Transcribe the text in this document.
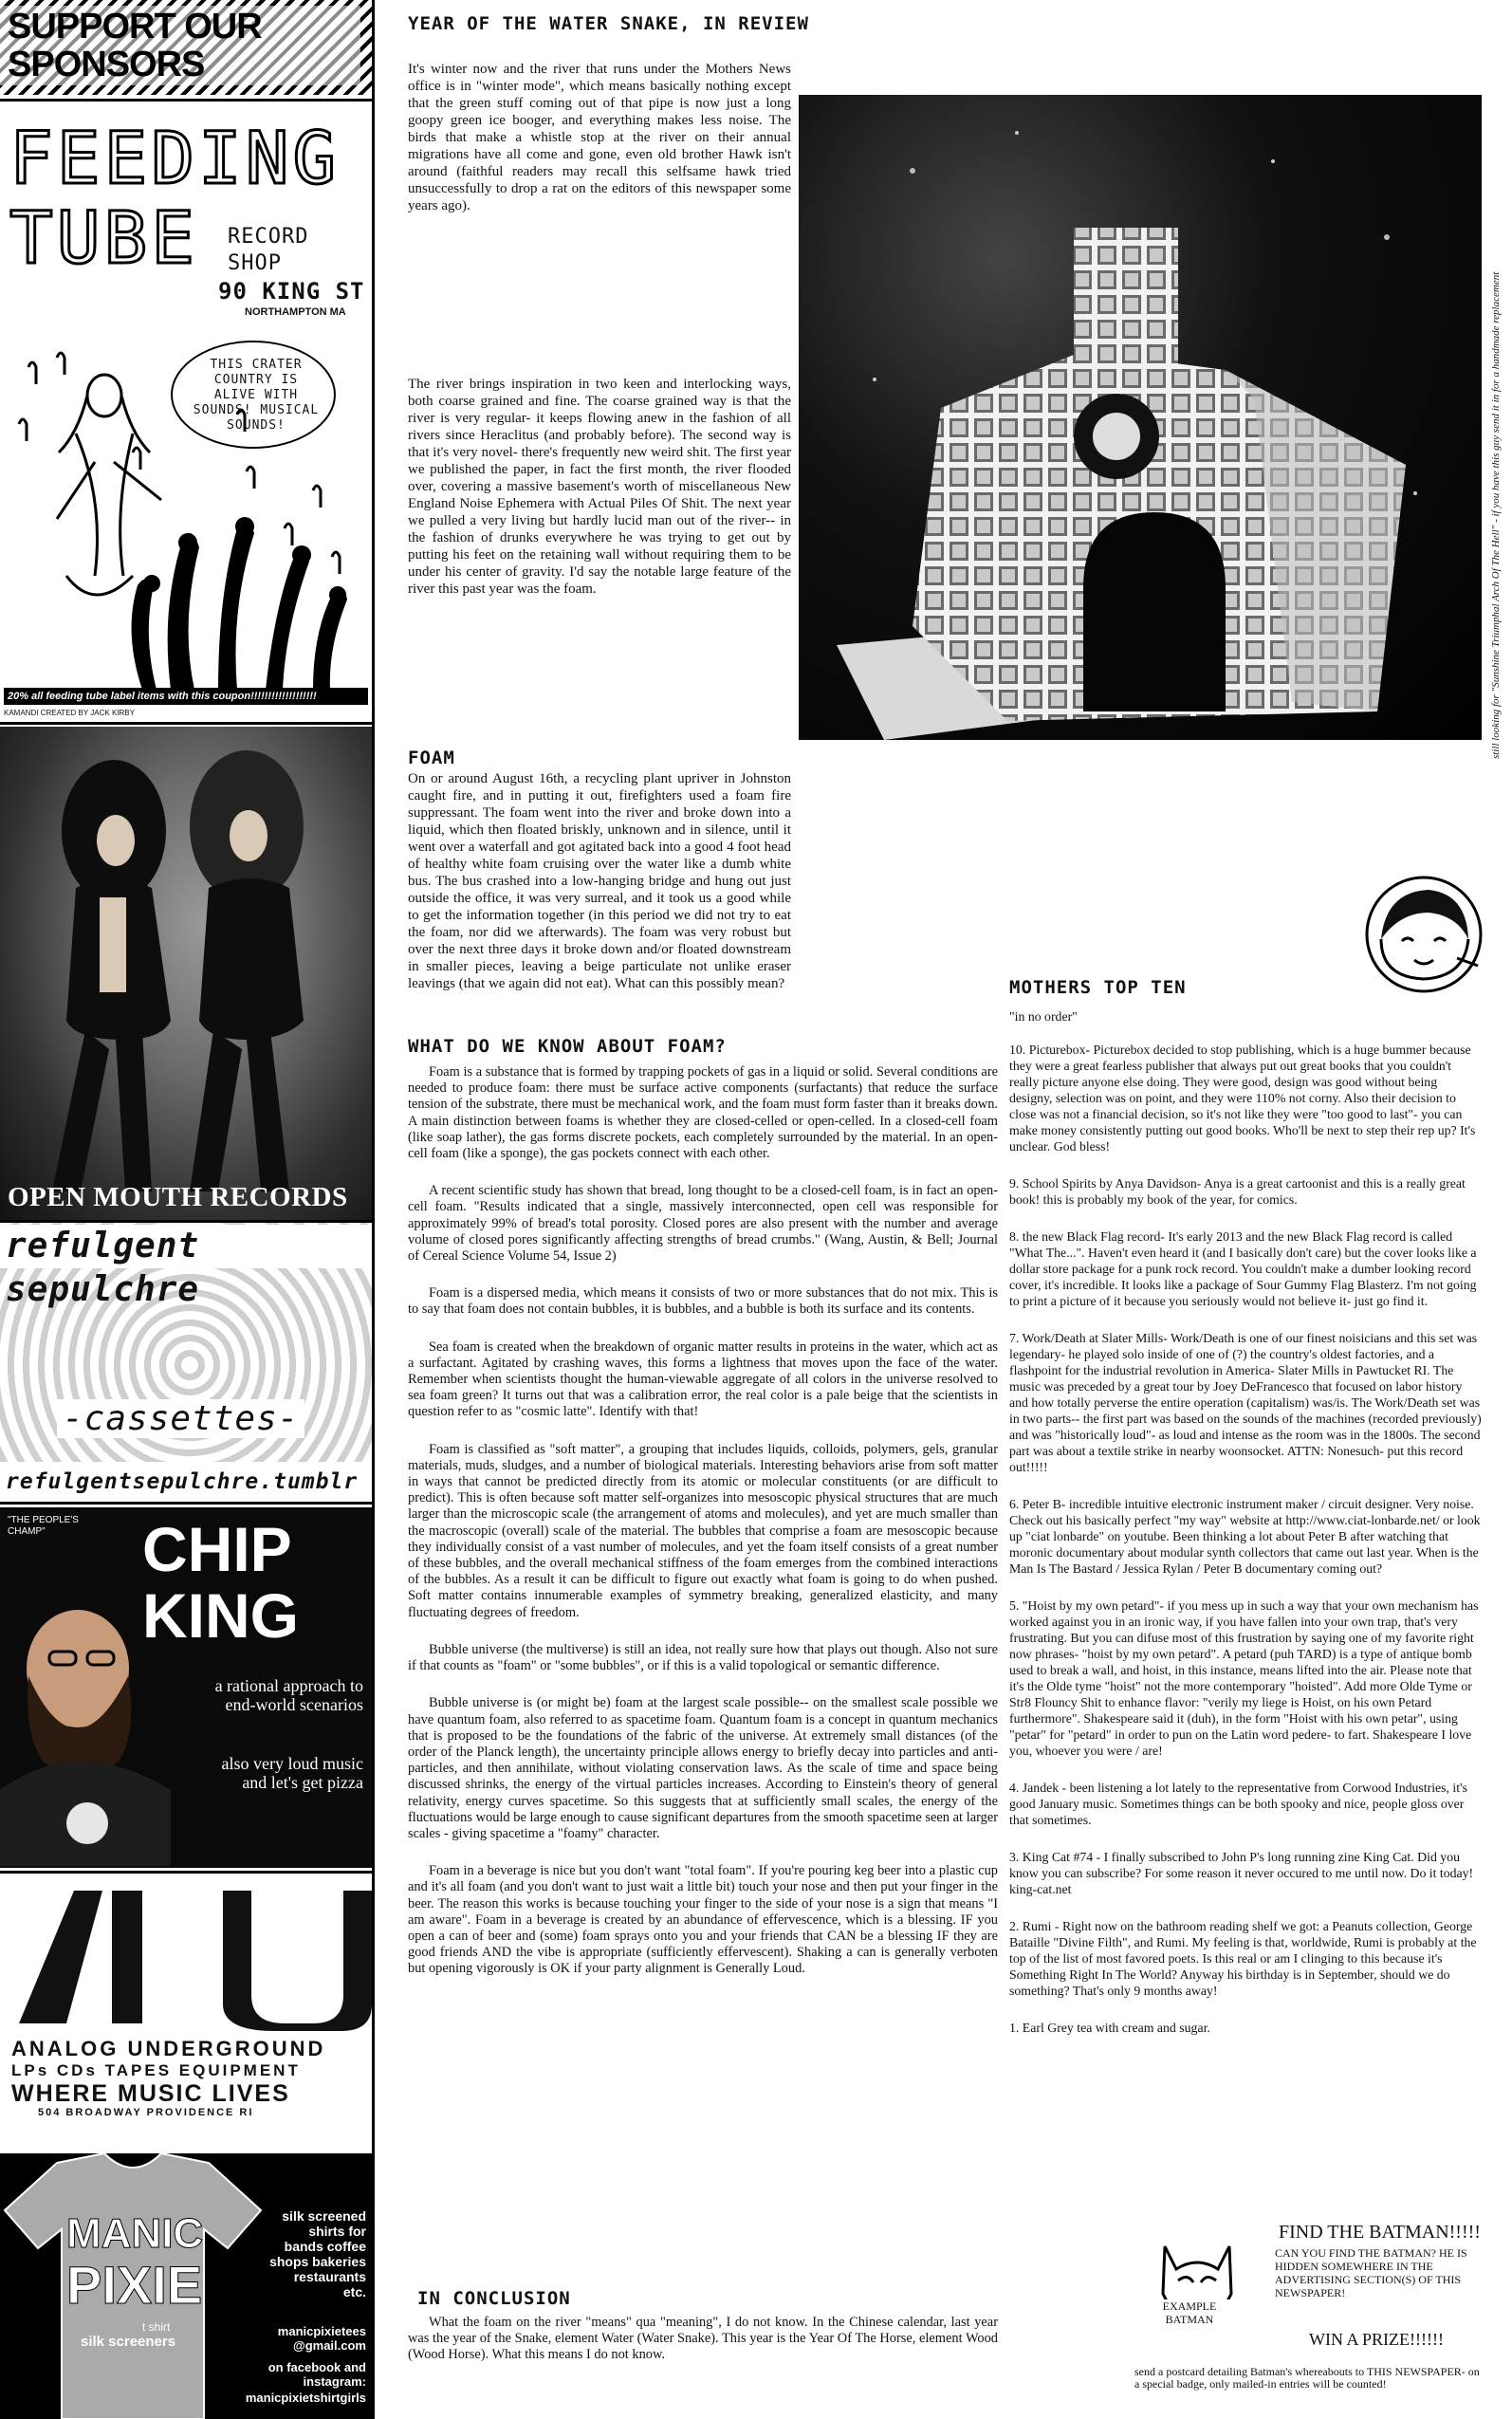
SUPPORT OUR SPONSORS
FEEDING TUBE	RECORD
SHOP
90 KING ST
NORTHAMPTON MA
THIS CRATER COUNTRY IS ALIVE WITH SOUNDS! MUSICAL SOUNDS!
20% all feeding tube label items with this coupon!!!!!!!!!!!!!!!!!!!
KAMANDI CREATED BY JACK KIRBY
OPEN MOUTH RECORDS
refulgent sepulchre
-cassettes-
refulgentsepulchre.tumblr
"THE PEOPLE'S CHAMP"	CHIP
KING
a rational approach to end-world scenarios
also very loud music and let's get pizza
ANALOG UNDERGROUND
LPs CDs TAPES EQUIPMENT
WHERE MUSIC LIVES
504 BROADWAY PROVIDENCE RI
MANIC
PIXIE
t shirt
silk screeners
silk screened shirts for bands coffee shops bakeries restaurants etc.
manicpixietees @gmail.com
on facebook and instagram:
manicpixietshirtgirls
YEAR OF THE WATER SNAKE, IN REVIEW
It's winter now and the river that runs under the Mothers News office is in "winter mode", which means basically nothing except that the green stuff coming out of that pipe is now just a long goopy green ice booger, and everything makes less noise. The birds that make a whistle stop at the river on their annual migrations have all come and gone, even old brother Hawk isn't around (faithful readers may recall this selfsame hawk tried unsuccessfully to drop a rat on the editors of this newspaper some years ago).
The river brings inspiration in two keen and interlocking ways, both coarse grained and fine. The coarse grained way is that the river is very regular- it keeps flowing anew in the fashion of all rivers since Heraclitus (and probably before). The second way is that it's very novel- there's frequently new weird shit. The first year we published the paper, in fact the first month, the river flooded over, covering a massive basement's worth of miscellaneous New England Noise Ephemera with Actual Piles Of Shit. The next year we pulled a very living but hardly lucid man out of the river-- in the fashion of drunks everywhere he was trying to get out by putting his feet on the retaining wall without requiring them to be under his center of gravity. I'd say the notable large feature of the river this past year was the foam.
FOAM
On or around August 16th, a recycling plant upriver in Johnston caught fire, and in putting it out, firefighters used a foam fire suppressant. The foam went into the river and broke down into a liquid, which then floated briskly, unknown and in silence, until it went over a waterfall and got agitated back into a good 4 foot head of healthy white foam cruising over the water like a dumb white bus. The bus crashed into a low-hanging bridge and hung out just outside the office, it was very surreal, and it took us a good while to get the information together (in this period we did not try to eat the foam, nor did we afterwards). The foam was very robust but over the next three days it broke down and/or floated downstream in smaller pieces, leaving a beige particulate not unlike eraser leavings (that we again did not eat). What can this possibly mean?
still looking for "Sunshine Triumphal Arch Of The Hell" - if you have this guy send it in for a handmade replacement
WHAT DO WE KNOW ABOUT FOAM?

Foam is a substance that is formed by trapping pockets of gas in a liquid or solid. Several conditions are needed to produce foam: there must be surface active components (surfactants) that reduce the surface tension of the substrate, there must be mechanical work, and the foam must form faster than it breaks down. A main distinction between foams is whether they are closed-celled or open-celled. In a closed-cell foam (like soap lather), the gas forms discrete pockets, each completely surrounded by the material. In an open-cell foam (like a sponge), the gas pockets connect with each other.

A recent scientific study has shown that bread, long thought to be a closed-cell foam, is in fact an open-cell foam. "Results indicated that a single, massively interconnected, open cell was responsible for approximately 99% of bread's total porosity. Closed pores are also present with the number and average volume of closed pores significantly affecting strengths of bread crumbs." (Wang, Austin, & Bell; Journal of Cereal Science Volume 54, Issue 2)

Foam is a dispersed media, which means it consists of two or more substances that do not mix. This is to say that foam does not contain bubbles, it is bubbles, and a bubble is both its surface and its contents.

Sea foam is created when the breakdown of organic matter results in proteins in the water, which act as a surfactant. Agitated by crashing waves, this forms a lightness that moves upon the face of the water. Remember when scientists thought the human-viewable aggregate of all colors in the universe resolved to sea foam green? It turns out that was a calibration error, the real color is a pale beige that the scientists in question refer to as "cosmic latte". Identify with that!

Foam is classified as "soft matter", a grouping that includes liquids, colloids, polymers, gels, granular materials, muds, sludges, and a number of biological materials. Interesting behaviors arise from soft matter in ways that cannot be predicted directly from its atomic or molecular constituents (or are difficult to predict). This is often because soft matter self-organizes into mesoscopic physical structures that are much larger than the microscopic scale (the arrangement of atoms and molecules), and yet are much smaller than the macroscopic (overall) scale of the material. The bubbles that comprise a foam are mesoscopic because they individually consist of a vast number of molecules, and yet the foam itself consists of a great number of these bubbles, and the overall mechanical stiffness of the foam emerges from the combined interactions of the bubbles. As a result it can be difficult to figure out exactly what foam is going to do when pushed. Soft matter contains innumerable examples of symmetry breaking, generalized elasticity, and many fluctuating degrees of freedom.

Bubble universe (the multiverse) is still an idea, not really sure how that plays out though. Also not sure if that counts as "foam" or "some bubbles", or if this is a valid topological or semantic difference.

Bubble universe is (or might be) foam at the largest scale possible-- on the smallest scale possible we have quantum foam, also referred to as spacetime foam. Quantum foam is a concept in quantum mechanics that is proposed to be the foundations of the fabric of the universe. At extremely small distances (of the order of the Planck length), the uncertainty principle allows energy to briefly decay into particles and anti-particles, and then annihilate, without violating conservation laws. As the scale of time and space being discussed shrinks, the energy of the virtual particles increases. According to Einstein's theory of general relativity, energy curves spacetime. So this suggests that at sufficiently small scales, the energy of the fluctuations would be large enough to cause significant departures from the smooth spacetime seen at larger scales - giving spacetime a "foamy" character.

Foam in a beverage is nice but you don't want "total foam". If you're pouring keg beer into a plastic cup and it's all foam (and you don't want to just wait a little bit) touch your nose and then put your finger in the beer. The reason this works is because touching your finger to the side of your nose is a sign that means "I am aware". Foam in a beverage is created by an abundance of effervescence, which is a blessing. IF you open a can of beer and (some) foam sprays onto you and your friends that CAN be a blessing IF they are good friends AND the vibe is appropriate (sufficiently effervescent). Shaking a can is generally verboten but opening vigorously is OK if your party alignment is Generally Loud.

IN CONCLUSION
What the foam on the river "means" qua "meaning", I do not know. In the Chinese calendar, last year was the year of the Snake, element Water (Water Snake). This year is the Year Of The Horse, element Wood (Wood Horse). What this means I do not know.
MOTHERS TOP TEN
"in no order"

10. Picturebox- Picturebox decided to stop publishing, which is a huge bummer because they were a great fearless publisher that always put out great books that you couldn't really picture anyone else doing. They were good, design was good without being designy, selection was on point, and they were 110% not corny. Also their decision to close was not a financial decision, so it's not like they were "too good to last"- you can make money consistently putting out good books. Who'll be next to step their rep up? It's unclear. God bless!

9. School Spirits by Anya Davidson- Anya is a great cartoonist and this is a really great book! this is probably my book of the year, for comics.

8. the new Black Flag record- It's early 2013 and the new Black Flag record is called "What The...". Haven't even heard it (and I basically don't care) but the cover looks like a dollar store package for a punk rock record. You couldn't make a dumber looking record cover, it's incredible. It looks like a package of Sour Gummy Flag Blasterz. I'm not going to print a picture of it because you seriously would not believe it- just go find it.

7. Work/Death at Slater Mills- Work/Death is one of our finest noisicians and this set was legendary- he played solo inside of one of (?) the country's oldest factories, and a flashpoint for the industrial revolution in America- Slater Mills in Pawtucket RI. The music was preceded by a great tour by Joey DeFrancesco that focused on labor history and how totally perverse the entire operation (capitalism) was/is. The Work/Death set was in two parts-- the first part was based on the sounds of the machines (recorded previously) and was "historically loud"- as loud and intense as the room was in the 1800s. The second part was about a textile strike in nearby woonsocket. ATTN: Nonesuch- put this record out!!!!!

6. Peter B- incredible intuitive electronic instrument maker / circuit designer. Very noise. Check out his basically perfect "my way" website at http://www.ciat-lonbarde.net/ or look up "ciat lonbarde" on youtube. Been thinking a lot about Peter B after watching that moronic documentary about modular synth collectors that came out last year. When is the Man Is The Bastard / Jessica Rylan / Peter B documentary coming out?

5. "Hoist by my own petard"- if you mess up in such a way that your own mechanism has worked against you in an ironic way, if you have fallen into your own trap, that's very frustrating. But you can difuse most of this frustration by saying one of my favorite right now phrases- "hoist by my own petard". A petard (puh TARD) is a type of antique bomb used to break a wall, and hoist, in this instance, means lifted into the air. Please note that it's the Olde tyme "hoist" not the more contemporary "hoisted". Add more Olde Tyme or Str8 Flouncy Shit to enhance flavor: "verily my liege is Hoist, on his own Petard furthermore". Shakespeare said it (duh), in the form "Hoist with his own petar", using "petar" for "petard" in order to pun on the Latin word pedere- to fart. Shakespeare I love you, whoever you were / are!

4. Jandek - been listening a lot lately to the representative from Corwood Industries, it's good January music. Sometimes things can be both spooky and nice, people gloss over that sometimes.

3. King Cat #74 - I finally subscribed to John P's long running zine King Cat. Did you know you can subscribe? For some reason it never occured to me until now. Do it today! king-cat.net

2. Rumi - Right now on the bathroom reading shelf we got: a Peanuts collection, George Bataille "Divine Filth", and Rumi. My feeling is that, worldwide, Rumi is probably at the top of the list of most favored poets. Is this real or am I clinging to this because it's Something Right In The World? Anyway his birthday is in September, should we do something? That's only 9 months away!

1. Earl Grey tea with cream and sugar.

EXAMPLE BATMAN
FIND THE BATMAN!!!!!
CAN YOU FIND THE BATMAN? HE IS HIDDEN SOMEWHERE IN THE ADVERTISING SECTION(S) OF THIS NEWSPAPER!
WIN A PRIZE!!!!!!
send a postcard detailing Batman's whereabouts to THIS NEWSPAPER- on a special badge, only mailed-in entries will be counted!
